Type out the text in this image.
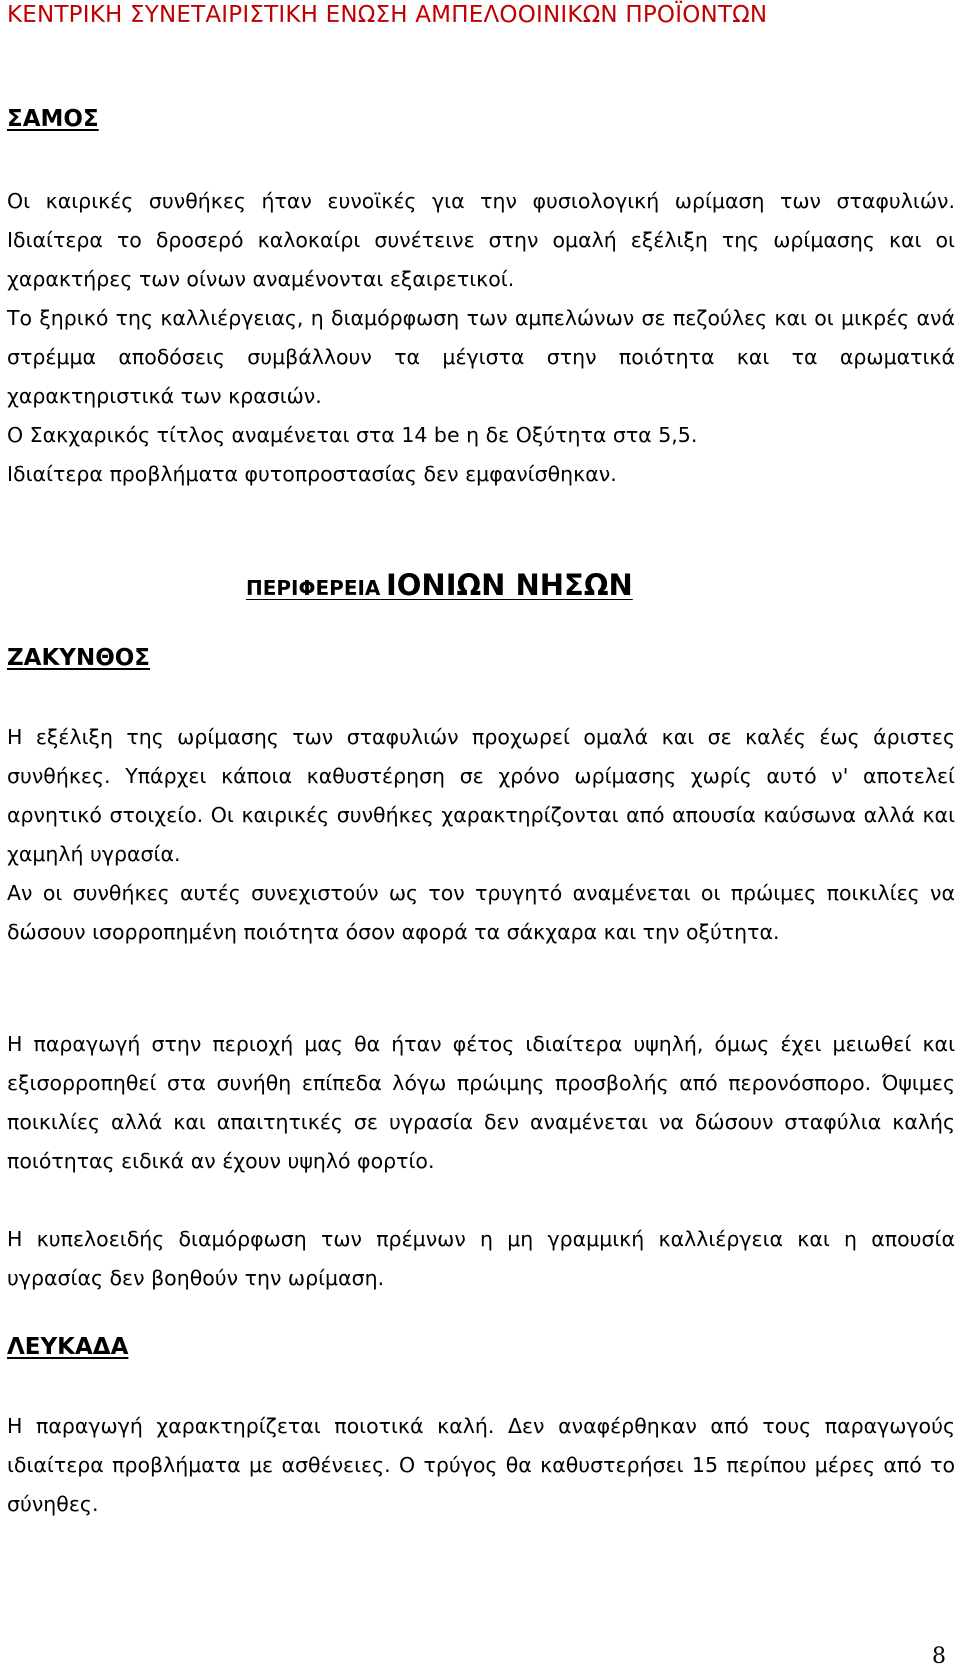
ΚΕΝΤΡΙΚΗ ΣΥΝΕΤΑΙΡΙΣΤΙΚΗ ΕΝΩΣΗ ΑΜΠΕΛΟΟΙΝΙΚΩΝ ΠΡΟΪΟΝΤΩΝ
ΣΑΜΟΣ
Οι καιρικές συνθήκες ήταν ευνοϊκές για την φυσιολογική ωρίμαση των σταφυλιών. Ιδιαίτερα το δροσερό καλοκαίρι συνέτεινε στην ομαλή εξέλιξη της ωρίμασης και οι χαρακτήρες των οίνων αναμένονται εξαιρετικοί.
Το ξηρικό της καλλιέργειας, η διαμόρφωση των αμπελώνων σε πεζούλες και οι μικρές ανά στρέμμα αποδόσεις συμβάλλουν τα μέγιστα στην ποιότητα και τα αρωματικά χαρακτηριστικά των κρασιών.
Ο Σακχαρικός τίτλος αναμένεται στα 14 be η δε Οξύτητα στα 5,5.
Ιδιαίτερα προβλήματα φυτοπροστασίας δεν εμφανίσθηκαν.
ΠΕΡΙΦΕΡΕΙΑ ΙΟΝΙΩΝ ΝΗΣΩΝ
ΖΑΚΥΝΘΟΣ
Η εξέλιξη της ωρίμασης των σταφυλιών προχωρεί ομαλά και σε καλές έως άριστες συνθήκες. Υπάρχει κάποια καθυστέρηση σε χρόνο ωρίμασης χωρίς αυτό ν' αποτελεί αρνητικό στοιχείο. Οι καιρικές συνθήκες χαρακτηρίζονται από απουσία καύσωνα αλλά και χαμηλή υγρασία.
Αν οι συνθήκες αυτές συνεχιστούν ως τον τρυγητό αναμένεται οι πρώιμες ποικιλίες να δώσουν ισορροπημένη ποιότητα όσον αφορά τα σάκχαρα και την οξύτητα.
Η παραγωγή στην περιοχή μας θα ήταν φέτος ιδιαίτερα υψηλή, όμως έχει μειωθεί και εξισορροπηθεί στα συνήθη επίπεδα λόγω πρώιμης προσβολής από περονόσπορο. Όψιμες ποικιλίες αλλά και απαιτητικές σε υγρασία δεν αναμένεται να δώσουν σταφύλια καλής ποιότητας ειδικά αν έχουν υψηλό φορτίο.
Η κυπελοειδής διαμόρφωση των πρέμνων η μη γραμμική καλλιέργεια και η απουσία υγρασίας δεν βοηθούν την ωρίμαση.
ΛΕΥΚΑΔΑ
Η παραγωγή χαρακτηρίζεται ποιοτικά καλή. Δεν αναφέρθηκαν από τους παραγωγούς ιδιαίτερα προβλήματα με ασθένειες. Ο τρύγος θα καθυστερήσει 15 περίπου μέρες από το σύνηθες.
8
